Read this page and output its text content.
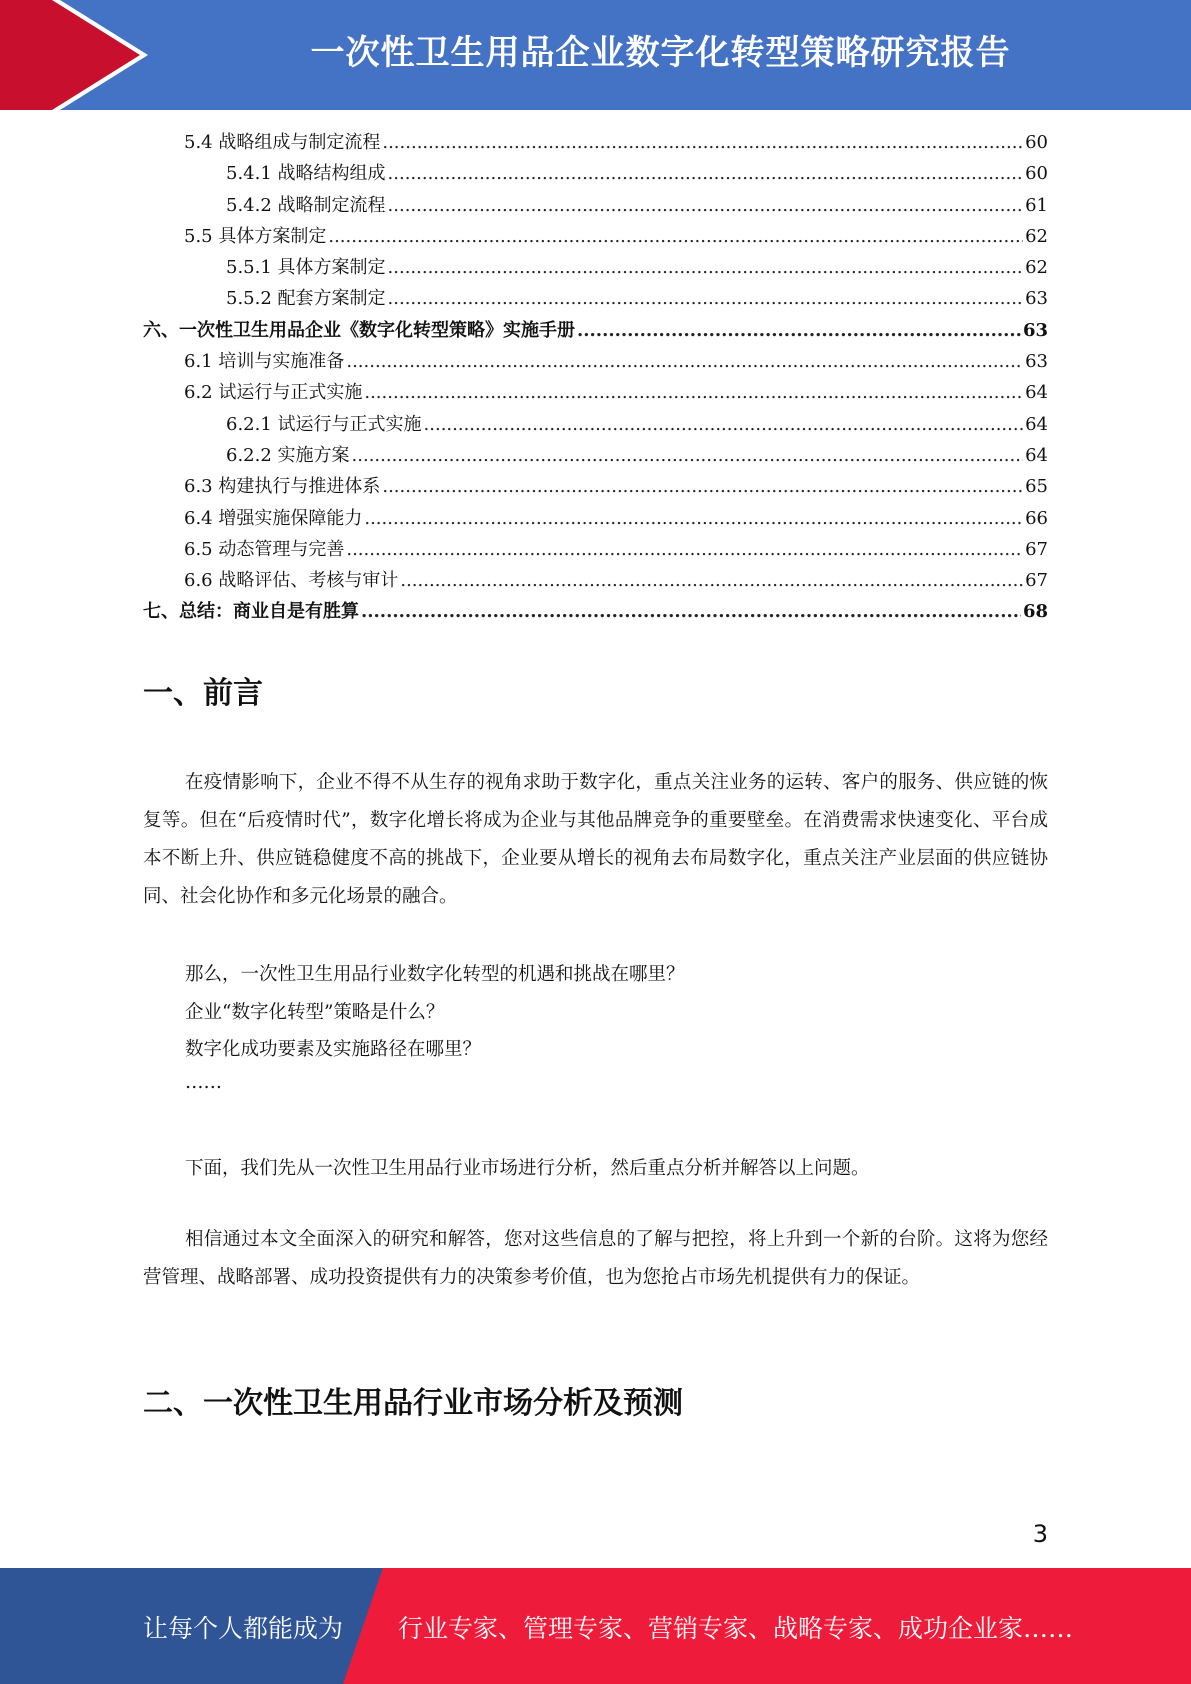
一次性卫生用品企业数字化转型策略研究报告
5.4 战略组成与制定流程 .....	60
5.4.1 战略结构组成 .....	60
5.4.2 战略制定流程 .....	61
5.5 具体方案制定 .....	62
5.5.1 具体方案制定 .....	62
5.5.2 配套方案制定 .....	63
六、一次性卫生用品企业《数字化转型策略》实施手册 .....	63
6.1 培训与实施准备 .....	63
6.2 试运行与正式实施 .....	64
6.2.1 试运行与正式实施 .....	64
6.2.2 实施方案 .....	64
6.3 构建执行与推进体系 .....	65
6.4 增强实施保障能力 .....	66
6.5 动态管理与完善 .....	67
6.6 战略评估、考核与审计 .....	67
七、总结：商业自是有胜算 .....	68
一、前言

在疫情影响下，企业不得不从生存的视角求助于数字化，重点关注业务的运转、客户的服务、供应链的恢复等。但在“后疫情时代”，数字化增长将成为企业与其他品牌竞争的重要壁垒。在消费需求快速变化、平台成本不断上升、供应链稳健度不高的挑战下，企业要从增长的视角去布局数字化，重点关注产业层面的供应链协同、社会化协作和多元化场景的融合。

那么，一次性卫生用品行业数字化转型的机遇和挑战在哪里？

企业“数字化转型”策略是什么？

数字化成功要素及实施路径在哪里？

……

下面，我们先从一次性卫生用品行业市场进行分析，然后重点分析并解答以上问题。

相信通过本文全面深入的研究和解答，您对这些信息的了解与把控，将上升到一个新的台阶。这将为您经营管理、战略部署、成功投资提供有力的决策参考价值，也为您抢占市场先机提供有力的保证。

二、一次性卫生用品行业市场分析及预测
3
让每个人都能成为 行业专家、管理专家、营销专家、战略专家、成功企业家……
